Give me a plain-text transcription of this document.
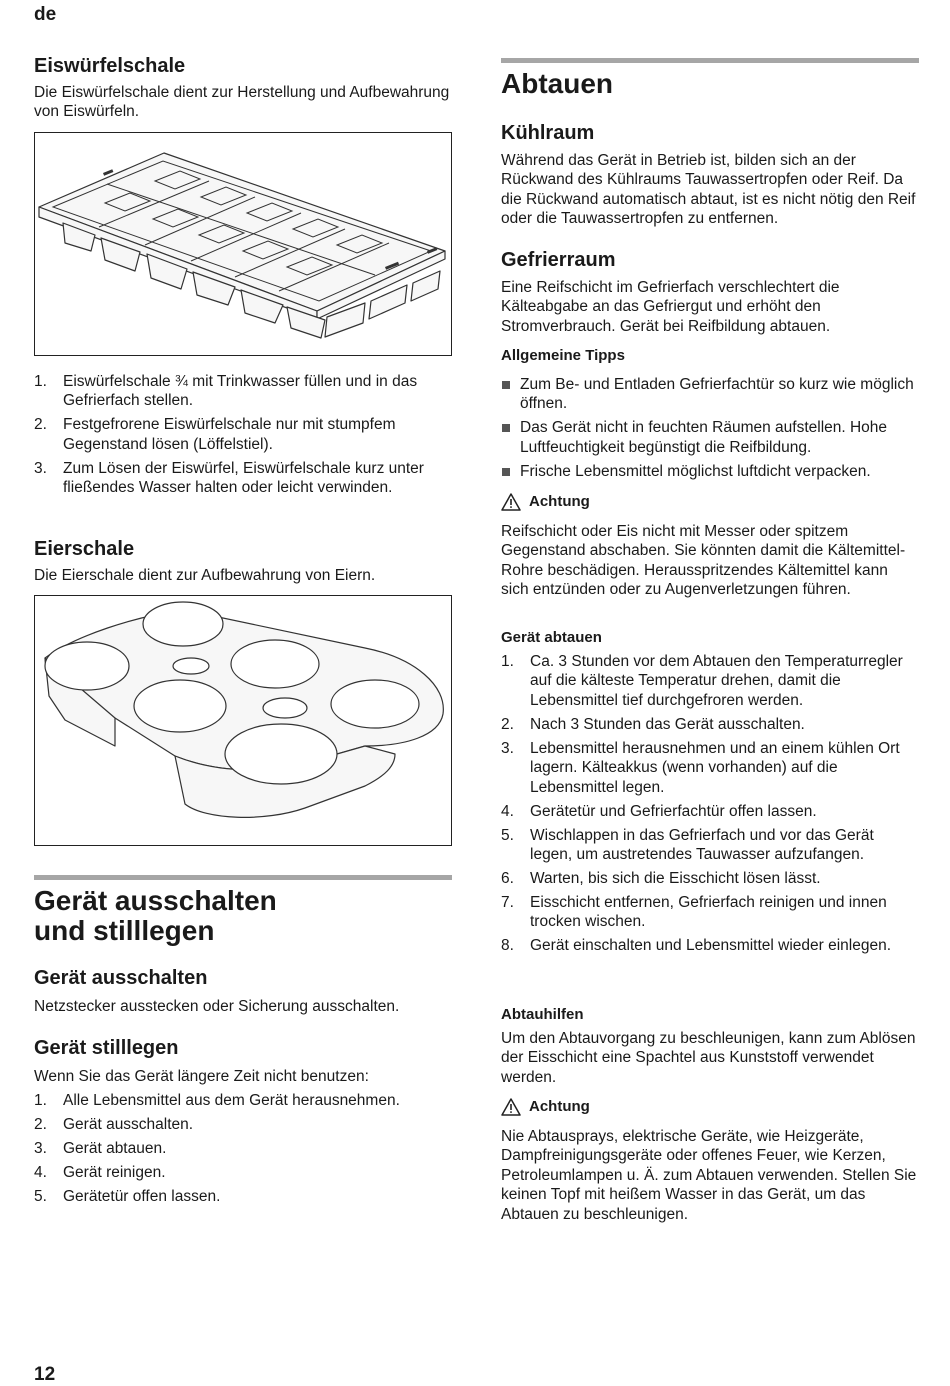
de
Eiswürfelschale

Die Eiswürfelschale dient zur Herstellung und Aufbewahrung von Eiswürfeln.

1. Eiswürfelschale ¾ mit Trinkwasser füllen und in das Gefrierfach stellen.
2. Festgefrorene Eiswürfelschale nur mit stumpfem Gegenstand lösen (Löffelstiel).
3. Zum Lösen der Eiswürfel, Eiswürfelschale kurz unter fließendes Wasser halten oder leicht verwinden.
Eierschale

Die Eierschale dient zur Aufbewahrung von Eiern.

Gerät ausschalten
und stilllegen
Gerät ausschalten

Netzstecker ausstecken oder Sicherung ausschalten.

Gerät stilllegen

Wenn Sie das Gerät längere Zeit nicht benutzen:

1. Alle Lebensmittel aus dem Gerät herausnehmen.
2. Gerät ausschalten.
3. Gerät abtauen.
4. Gerät reinigen.
5. Gerätetür offen lassen.
Abtauen
Kühlraum

Während das Gerät in Betrieb ist, bilden sich an der Rückwand des Kühlraums Tauwassertropfen oder Reif. Da die Rückwand automatisch abtaut, ist es nicht nötig den Reif oder die Tauwassertropfen zu entfernen.

Gefrierraum

Eine Reifschicht im Gefrierfach verschlechtert die Kälteabgabe an das Gefriergut und erhöht den Stromverbrauch. Gerät bei Reifbildung abtauen.

Allgemeine Tipps
Zum Be- und Entladen Gefrierfachtür so kurz wie möglich öffnen.
Das Gerät nicht in feuchten Räumen aufstellen. Hohe Luftfeuchtigkeit begünstigt die Reifbildung.
Frische Lebensmittel möglichst luftdicht verpacken.
Achtung

Reifschicht oder Eis nicht mit Messer oder spitzem Gegenstand abschaben. Sie könnten damit die Kältemittel-Rohre beschädigen. Herausspritzendes Kältemittel kann sich entzünden oder zu Augenverletzungen führen.

Gerät abtauen
1. Ca. 3 Stunden vor dem Abtauen den Temperaturregler auf die kälteste Temperatur drehen, damit die Lebensmittel tief durchgefroren werden.
2. Nach 3 Stunden das Gerät ausschalten.
3. Lebensmittel herausnehmen und an einem kühlen Ort lagern. Kälteakkus (wenn vorhanden) auf die Lebensmittel legen.
4. Gerätetür und Gefrierfachtür offen lassen.
5. Wischlappen in das Gefrierfach und vor das Gerät legen, um austretendes Tauwasser aufzufangen.
6. Warten, bis sich die Eisschicht lösen lässt.
7. Eisschicht entfernen, Gefrierfach reinigen und innen trocken wischen.
8. Gerät einschalten und Lebensmittel wieder einlegen.
Abtauhilfen

Um den Abtauvorgang zu beschleunigen, kann zum Ablösen der Eisschicht eine Spachtel aus Kunststoff verwendet werden.

Achtung

Nie Abtausprays, elektrische Geräte, wie Heizgeräte, Dampfreinigungsgeräte oder offenes Feuer, wie Kerzen, Petroleumlampen u. Ä. zum Abtauen verwenden. Stellen Sie keinen Topf mit heißem Wasser in das Gerät, um das Abtauen zu beschleunigen.

12
